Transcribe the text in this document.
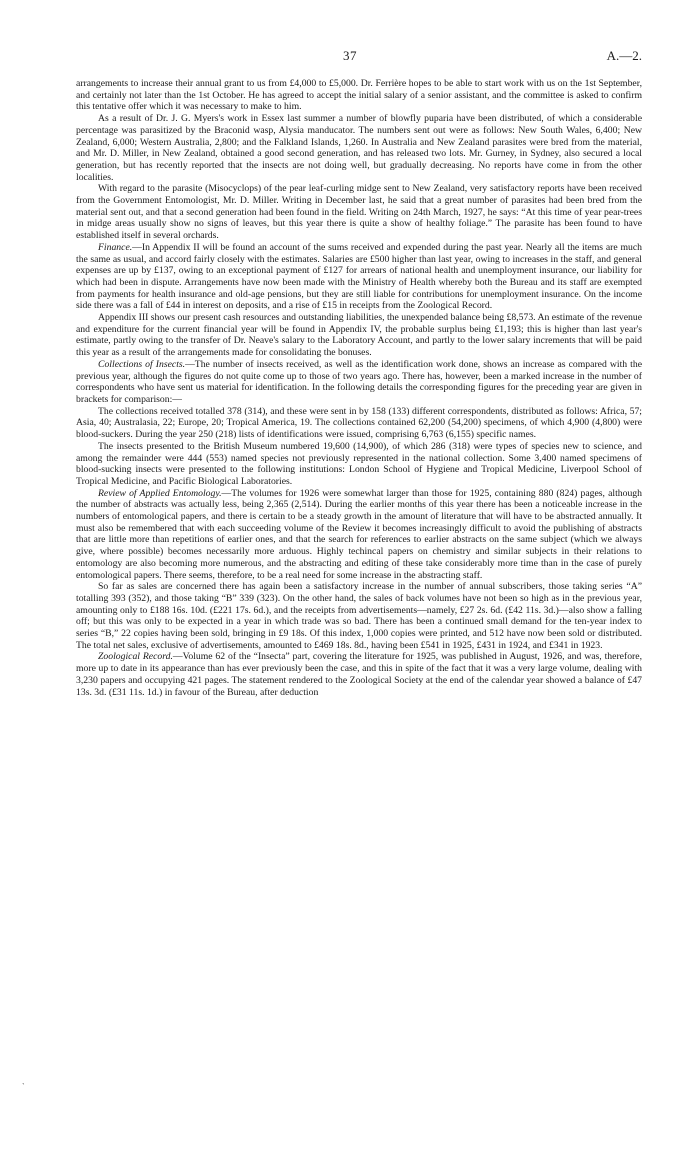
37	A.—2.

arrangements to increase their annual grant to us from £4,000 to £5,000. Dr. Ferrière hopes to be able to start work with us on the 1st September, and certainly not later than the 1st October. He has agreed to accept the initial salary of a senior assistant, and the committee is asked to confirm this tentative offer which it was necessary to make to him.

As a result of Dr. J. G. Myers's work in Essex last summer a number of blowfly puparia have been distributed, of which a considerable percentage was parasitized by the Braconid wasp, Alysia manducator. The numbers sent out were as follows: New South Wales, 6,400; New Zealand, 6,000; Western Australia, 2,800; and the Falkland Islands, 1,260. In Australia and New Zealand parasites were bred from the material, and Mr. D. Miller, in New Zealand, obtained a good second generation, and has released two lots. Mr. Gurney, in Sydney, also secured a local generation, but has recently reported that the insects are not doing well, but gradually decreasing. No reports have come in from the other localities.

With regard to the parasite (Misocyclops) of the pear leaf-curling midge sent to New Zealand, very satisfactory reports have been received from the Government Entomologist, Mr. D. Miller. Writing in December last, he said that a great number of parasites had been bred from the material sent out, and that a second generation had been found in the field. Writing on 24th March, 1927, he says: “At this time of year pear-trees in midge areas usually show no signs of leaves, but this year there is quite a show of healthy foliage.” The parasite has been found to have established itself in several orchards.

Finance.—In Appendix II will be found an account of the sums received and expended during the past year. Nearly all the items are much the same as usual, and accord fairly closely with the estimates. Salaries are £500 higher than last year, owing to increases in the staff, and general expenses are up by £137, owing to an exceptional payment of £127 for arrears of national health and unemployment insurance, our liability for which had been in dispute. Arrangements have now been made with the Ministry of Health whereby both the Bureau and its staff are exempted from payments for health insurance and old-age pensions, but they are still liable for contributions for unemployment insurance. On the income side there was a fall of £44 in interest on deposits, and a rise of £15 in receipts from the Zoological Record.

Appendix III shows our present cash resources and outstanding liabilities, the unexpended balance being £8,573. An estimate of the revenue and expenditure for the current financial year will be found in Appendix IV, the probable surplus being £1,193; this is higher than last year's estimate, partly owing to the transfer of Dr. Neave's salary to the Laboratory Account, and partly to the lower salary increments that will be paid this year as a result of the arrangements made for consolidating the bonuses.

Collections of Insects.—The number of insects received, as well as the identification work done, shows an increase as compared with the previous year, although the figures do not quite come up to those of two years ago. There has, however, been a marked increase in the number of correspondents who have sent us material for identification. In the following details the corresponding figures for the preceding year are given in brackets for comparison:—

The collections received totalled 378 (314), and these were sent in by 158 (133) different correspondents, distributed as follows: Africa, 57; Asia, 40; Australasia, 22; Europe, 20; Tropical America, 19. The collections contained 62,200 (54,200) specimens, of which 4,900 (4,800) were blood-suckers. During the year 250 (218) lists of identifications were issued, comprising 6,763 (6,155) specific names.

The insects presented to the British Museum numbered 19,600 (14,900), of which 286 (318) were types of species new to science, and among the remainder were 444 (553) named species not previously represented in the national collection. Some 3,400 named specimens of blood-sucking insects were presented to the following institutions: London School of Hygiene and Tropical Medicine, Liverpool School of Tropical Medicine, and Pacific Biological Laboratories.

Review of Applied Entomology.—The volumes for 1926 were somewhat larger than those for 1925, containing 880 (824) pages, although the number of abstracts was actually less, being 2,365 (2,514). During the earlier months of this year there has been a noticeable increase in the numbers of entomological papers, and there is certain to be a steady growth in the amount of literature that will have to be abstracted annually. It must also be remembered that with each succeeding volume of the Review it becomes increasingly difficult to avoid the publishing of abstracts that are little more than repetitions of earlier ones, and that the search for references to earlier abstracts on the same subject (which we always give, where possible) becomes necessarily more arduous. Highly techincal papers on chemistry and similar subjects in their relations to entomology are also becoming more numerous, and the abstracting and editing of these take considerably more time than in the case of purely entomological papers. There seems, therefore, to be a real need for some increase in the abstracting staff.

So far as sales are concerned there has again been a satisfactory increase in the number of annual subscribers, those taking series “A” totalling 393 (352), and those taking “B” 339 (323). On the other hand, the sales of back volumes have not been so high as in the previous year, amounting only to £188 16s. 10d. (£221 17s. 6d.), and the receipts from advertisements—namely, £27 2s. 6d. (£42 11s. 3d.)—also show a falling off; but this was only to be expected in a year in which trade was so bad. There has been a continued small demand for the ten-year index to series “B,” 22 copies having been sold, bringing in £9 18s. Of this index, 1,000 copies were printed, and 512 have now been sold or distributed. The total net sales, exclusive of advertisements, amounted to £469 18s. 8d., having been £541 in 1925, £431 in 1924, and £341 in 1923.

Zoological Record.—Volume 62 of the “Insecta” part, covering the literature for 1925, was published in August, 1926, and was, therefore, more up to date in its appearance than has ever previously been the case, and this in spite of the fact that it was a very large volume, dealing with 3,230 papers and occupying 421 pages. The statement rendered to the Zoological Society at the end of the calendar year showed a balance of £47 13s. 3d. (£31 11s. 1d.) in favour of the Bureau, after deduction

`
